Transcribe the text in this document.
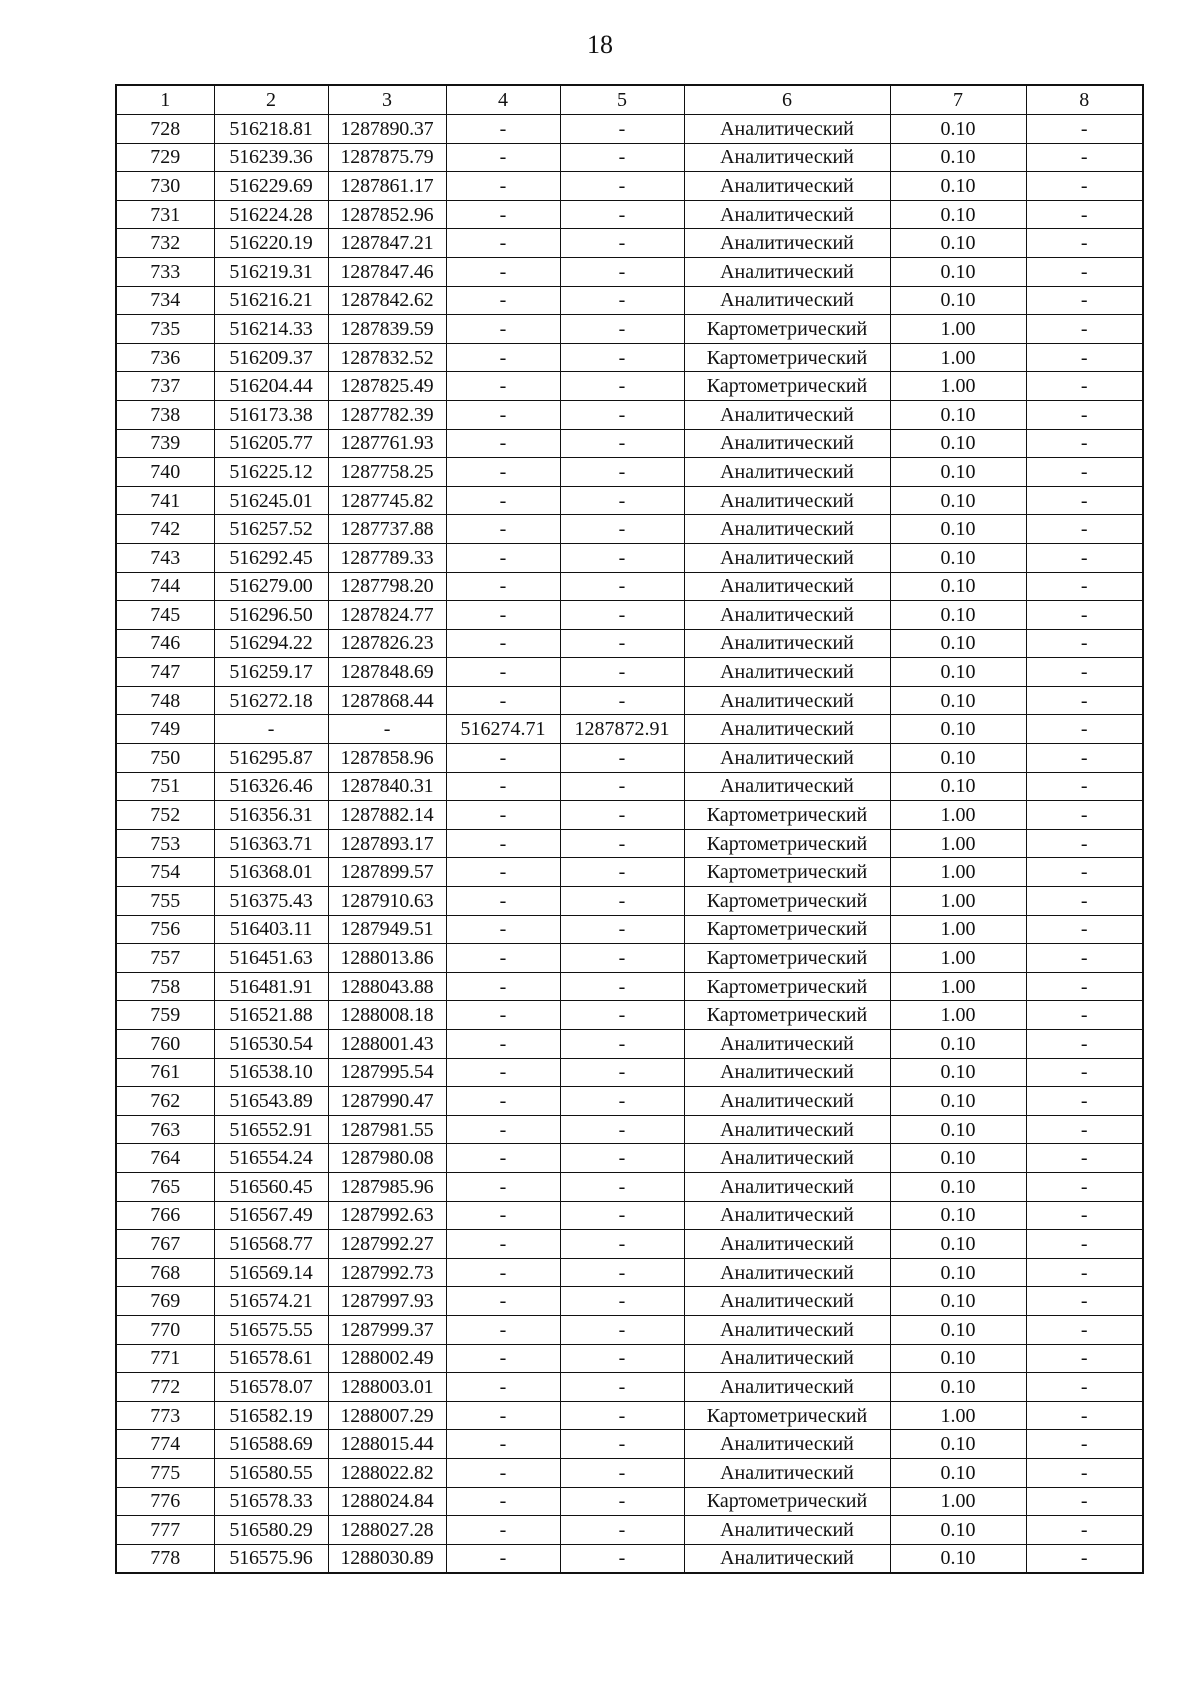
18
1	2	3	4	5	6	7	8
728	516218.81	1287890.37	-	-	Аналитический	0.10	-
729	516239.36	1287875.79	-	-	Аналитический	0.10	-
730	516229.69	1287861.17	-	-	Аналитический	0.10	-
731	516224.28	1287852.96	-	-	Аналитический	0.10	-
732	516220.19	1287847.21	-	-	Аналитический	0.10	-
733	516219.31	1287847.46	-	-	Аналитический	0.10	-
734	516216.21	1287842.62	-	-	Аналитический	0.10	-
735	516214.33	1287839.59	-	-	Картометрический	1.00	-
736	516209.37	1287832.52	-	-	Картометрический	1.00	-
737	516204.44	1287825.49	-	-	Картометрический	1.00	-
738	516173.38	1287782.39	-	-	Аналитический	0.10	-
739	516205.77	1287761.93	-	-	Аналитический	0.10	-
740	516225.12	1287758.25	-	-	Аналитический	0.10	-
741	516245.01	1287745.82	-	-	Аналитический	0.10	-
742	516257.52	1287737.88	-	-	Аналитический	0.10	-
743	516292.45	1287789.33	-	-	Аналитический	0.10	-
744	516279.00	1287798.20	-	-	Аналитический	0.10	-
745	516296.50	1287824.77	-	-	Аналитический	0.10	-
746	516294.22	1287826.23	-	-	Аналитический	0.10	-
747	516259.17	1287848.69	-	-	Аналитический	0.10	-
748	516272.18	1287868.44	-	-	Аналитический	0.10	-
749	-	-	516274.71	1287872.91	Аналитический	0.10	-
750	516295.87	1287858.96	-	-	Аналитический	0.10	-
751	516326.46	1287840.31	-	-	Аналитический	0.10	-
752	516356.31	1287882.14	-	-	Картометрический	1.00	-
753	516363.71	1287893.17	-	-	Картометрический	1.00	-
754	516368.01	1287899.57	-	-	Картометрический	1.00	-
755	516375.43	1287910.63	-	-	Картометрический	1.00	-
756	516403.11	1287949.51	-	-	Картометрический	1.00	-
757	516451.63	1288013.86	-	-	Картометрический	1.00	-
758	516481.91	1288043.88	-	-	Картометрический	1.00	-
759	516521.88	1288008.18	-	-	Картометрический	1.00	-
760	516530.54	1288001.43	-	-	Аналитический	0.10	-
761	516538.10	1287995.54	-	-	Аналитический	0.10	-
762	516543.89	1287990.47	-	-	Аналитический	0.10	-
763	516552.91	1287981.55	-	-	Аналитический	0.10	-
764	516554.24	1287980.08	-	-	Аналитический	0.10	-
765	516560.45	1287985.96	-	-	Аналитический	0.10	-
766	516567.49	1287992.63	-	-	Аналитический	0.10	-
767	516568.77	1287992.27	-	-	Аналитический	0.10	-
768	516569.14	1287992.73	-	-	Аналитический	0.10	-
769	516574.21	1287997.93	-	-	Аналитический	0.10	-
770	516575.55	1287999.37	-	-	Аналитический	0.10	-
771	516578.61	1288002.49	-	-	Аналитический	0.10	-
772	516578.07	1288003.01	-	-	Аналитический	0.10	-
773	516582.19	1288007.29	-	-	Картометрический	1.00	-
774	516588.69	1288015.44	-	-	Аналитический	0.10	-
775	516580.55	1288022.82	-	-	Аналитический	0.10	-
776	516578.33	1288024.84	-	-	Картометрический	1.00	-
777	516580.29	1288027.28	-	-	Аналитический	0.10	-
778	516575.96	1288030.89	-	-	Аналитический	0.10	-
